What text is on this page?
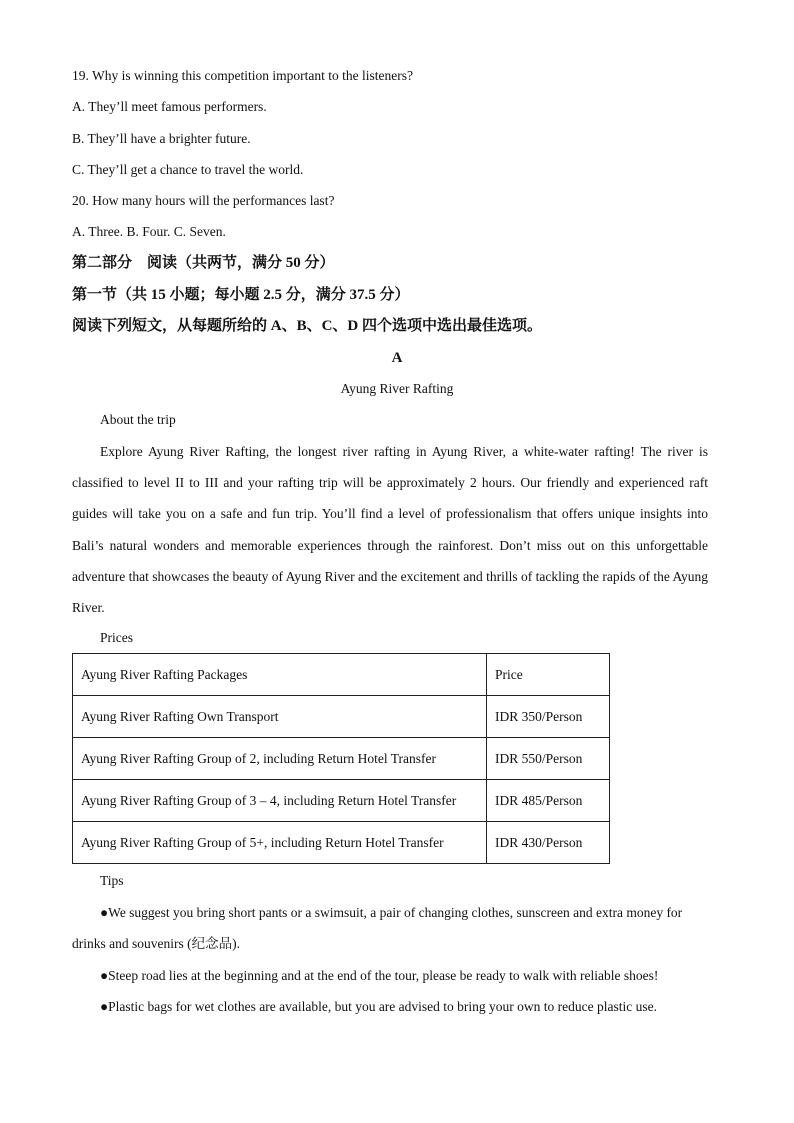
19. Why is winning this competition important to the listeners?
A. They’ll meet famous performers.
B. They’ll have a brighter future.
C. They’ll get a chance to travel the world.
20. How many hours will the performances last?
A. Three. B. Four. C. Seven.
第二部分　阅读（共两节，满分 50 分）
第一节（共 15 小题；每小题 2.5 分，满分 37.5 分）
阅读下列短文，从每题所给的 A、B、C、D 四个选项中选出最佳选项。
A
Ayung River Rafting
About the trip
Explore Ayung River Rafting, the longest river rafting in Ayung River, a white-water rafting! The river is classified to level II to III and your rafting trip will be approximately 2 hours. Our friendly and experienced raft guides will take you on a safe and fun trip. You’ll find a level of professionalism that offers unique insights into Bali’s natural wonders and memorable experiences through the rainforest. Don’t miss out on this unforgettable adventure that showcases the beauty of Ayung River and the excitement and thrills of tackling the rapids of the Ayung River.
Prices
Ayung River Rafting Packages	Price
Ayung River Rafting Own Transport	IDR 350/Person
Ayung River Rafting Group of 2, including Return Hotel Transfer	IDR 550/Person
Ayung River Rafting Group of 3 – 4, including Return Hotel Transfer	IDR 485/Person
Ayung River Rafting Group of 5+, including Return Hotel Transfer	IDR 430/Person
Tips
●We suggest you bring short pants or a swimsuit, a pair of changing clothes, sunscreen and extra money for drinks and souvenirs (纪念品).
●Steep road lies at the beginning and at the end of the tour, please be ready to walk with reliable shoes!
●Plastic bags for wet clothes are available, but you are advised to bring your own to reduce plastic use.
